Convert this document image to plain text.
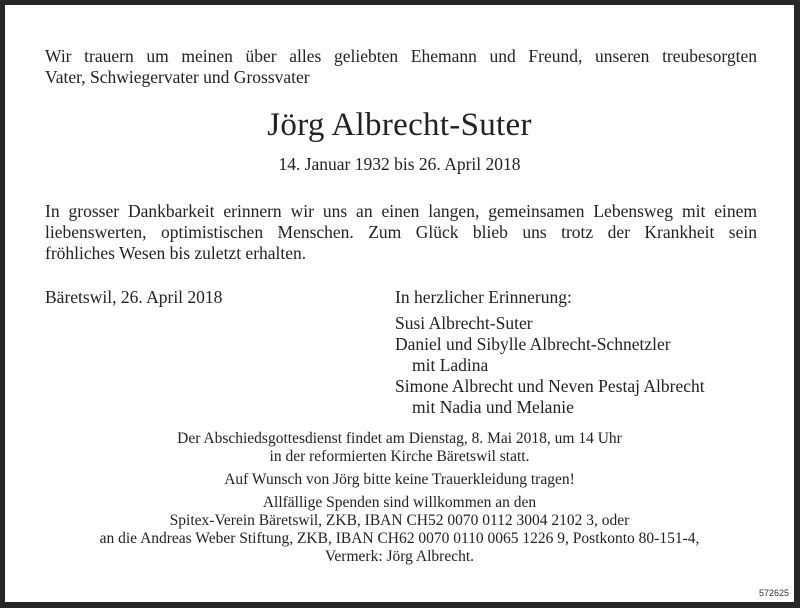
Wir trauern um meinen über alles geliebten Ehemann und Freund, unseren treubesorgten
Vater, Schwiegervater und Grossvater
Jörg Albrecht-Suter
14. Januar 1932 bis 26. April 2018
In grosser Dankbarkeit erinnern wir uns an einen langen, gemeinsamen Lebensweg mit einem
liebenswerten, optimistischen Menschen. Zum Glück blieb uns trotz der Krankheit sein
fröhliches Wesen bis zuletzt erhalten.
Bäretswil, 26. April 2018	In herzlicher Erinnerung:
Susi Albrecht-Suter
Daniel und Sibylle Albrecht-Schnetzler
mit Ladina
Simone Albrecht und Neven Pestaj Albrecht
mit Nadia und Melanie
Der Abschiedsgottesdienst findet am Dienstag, 8. Mai 2018, um 14 Uhr
in der reformierten Kirche Bäretswil statt.
Auf Wunsch von Jörg bitte keine Trauerkleidung tragen!
Allfällige Spenden sind willkommen an den
Spitex-Verein Bäretswil, ZKB, IBAN CH52 0070 0112 3004 2102 3, oder
an die Andreas Weber Stiftung, ZKB, IBAN CH62 0070 0110 0065 1226 9, Postkonto 80-151-4,
Vermerk: Jörg Albrecht.
572625
